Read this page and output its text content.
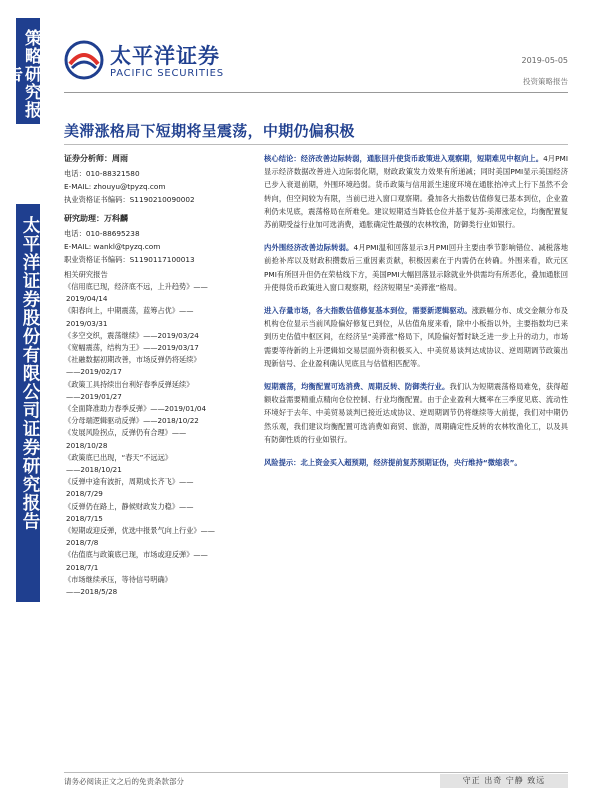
策略研究报告
太平洋证券股份有限公司证券研究报告
太平洋证券
PACIFIC SECURITIES
2019-05-05
投资策略报告
美滞涨格局下短期将呈震荡，中期仍偏积极
证券分析师：周雨
电话：010-88321580
E-MAIL: zhouyu@tpyzq.com
执业资格证书编码：S1190210090002
研究助理：万科麟
电话：010-88695238
E-MAIL: wankl@tpyzq.com
职业资格证书编码：S1190117100013
相关研究报告
《信用底已现，经济底不远，上升趋势》——
2019/04/14
《阳春向上，中期震荡，蓝筹占优》——
2019/03/31
《多空交织，震荡继续》——2019/03/24
《宽幅震荡，结构为王》——2019/03/17
《社融数据初期改善，市场反弹仍将延续》
——2019/02/17
《政策工具持续出台利好春季反弹延续》
——2019/01/27
《全面降准助力春季反弹》——2019/01/04
《分母端逻辑驱动反弹》——2018/10/22
《发展风险拐点，反弹仍有合理》——
2018/10/28
《政策底已出现，“春天”不远远》
——2018/10/21
《反弹中途有波折，周期成长齐飞》——
2018/7/29
《反弹仍在路上，静候财政发力稳》——
2018/7/15
《短期或迎反弹，优选中报景气向上行业》——
2018/7/8
《估值底与政策底已现，市场或迎反弹》——
2018/7/1
《市场继续承压，等待信号明确》
——2018/5/28
核心结论：经济改善边际转弱，通胀回升使货币政策进入观察期，短期难见中枢向上。4月PMI显示经济数据改善进入边际弱化期，财政政策发力效果有所递减；同时美国PMI显示美国经济已步入衰退前期，外围环境趋弱。货币政策与信用派生速度环境在通胀抬冲式上行下虽然不会转向，但空间较为有限，当前已进入窗口观察期。叠加各大指数估值修复已基本到位，企业盈利仍未见底，震荡格局在所难免。建议短期适当降低仓位并基于复苏-美滞涨定位，均衡配置复苏前期受益行业加可选消费，通胀确定性最强的农林牧渔，防御类行业如银行。
内外围经济改善边际转弱。4月PMI温和回落显示3月PMI回升主要由季节影响错位、减税落地前抢补库以及财政积攒数后三重因素贡献，积极因素在于内需仍在转确。外围来看，欧元区PMI有所回升但仍在荣枯线下方，美国PMI大幅回落显示除就业外供需均有所恶化，叠加通胀回升使得货币政策进入窗口观察期，经济短期呈“美滞涨”格局。
进入存量市场，各大指数估值修复基本到位，需要新逻辑驱动。涨跌幅分布、成交金额分布及机构仓位显示当前风险偏好修复已到位，从估值角度来看，除中小板指以外，主要指数均已来到历史估值中枢区间，在经济呈“美滞涨”格局下，风险偏好暂时缺乏进一步上升的动力，市场需要等待新的上升逻辑如交易层面外资积极买入、中美贸易谈判达成协议、逆周期调节政策出现新信号、企业盈利确认见底且与估值相匹配等。
短期震荡，均衡配置可选消费、周期反转、防御类行业。我们认为短期震荡格局难免，获得超额收益需要精重点精向仓位控制、行业均衡配置。由于企业盈利大概率在三季度见底、流动性环境好于去年、中美贸易谈判已接近达成协议、逆周期调节仍将继续等大前提，我们对中期仍然乐观，我们建议均衡配置可选消费如商贸、旅游，周期确定性反转的农林牧渔化工，以及具有防御性质的行业如银行。
风险提示：北上资金买入超预期，经济提前复苏预期证伪，央行维持“微缩表”。
请务必阅读正文之后的免责条款部分	守正 出奇 宁静 致远
